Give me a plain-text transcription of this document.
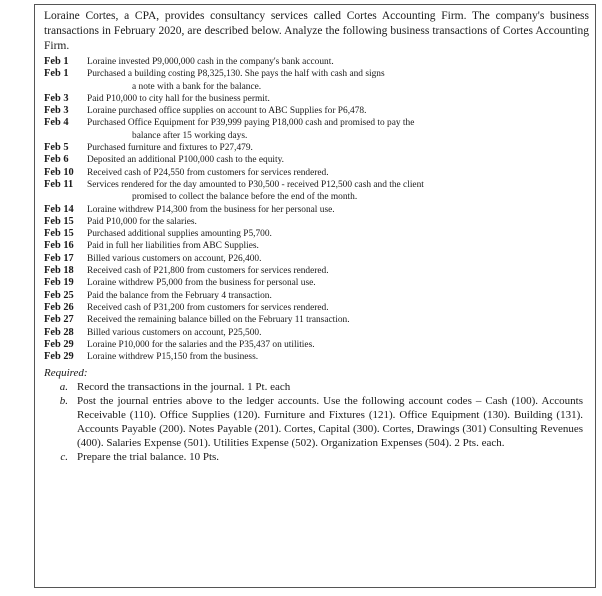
Loraine Cortes, a CPA, provides consultancy services called Cortes Accounting Firm. The company's business transactions in February 2020, are described below. Analyze the following business transactions of Cortes Accounting Firm.

Feb 1	Loraine invested P9,000,000 cash in the company's bank account.
Feb 1	Purchased a building costing P8,325,130. She pays the half with cash and signs
a note with a bank for the balance.
Feb 3	Paid P10,000 to city hall for the business permit.
Feb 3	Loraine purchased office supplies on account to ABC Supplies for P6,478.
Feb 4	Purchased Office Equipment for P39,999 paying P18,000 cash and promised to pay the
balance after 15 working days.
Feb 5	Purchased furniture and fixtures to P27,479.
Feb 6	Deposited an additional P100,000 cash to the equity.
Feb 10	Received cash of P24,550 from customers for services rendered.
Feb 11	Services rendered for the day amounted to P30,500 - received P12,500 cash and the client
promised to collect the balance before the end of the month.
Feb 14	Loraine withdrew P14,300 from the business for her personal use.
Feb 15	Paid P10,000 for the salaries.
Feb 15	Purchased additional supplies amounting P5,700.
Feb 16	Paid in full her liabilities from ABC Supplies.
Feb 17	Billed various customers on account, P26,400.
Feb 18	Received cash of P21,800 from customers for services rendered.
Feb 19	Loraine withdrew P5,000 from the business for personal use.
Feb 25	Paid the balance from the February 4 transaction.
Feb 26	Received cash of P31,200 from customers for services rendered.
Feb 27	Received the remaining balance billed on the February 11 transaction.
Feb 28	Billed various customers on account, P25,500.
Feb 29	Loraine P10,000 for the salaries and the P35,437 on utilities.
Feb 29	Loraine withdrew P15,150 from the business.
Required:
a. Record the transactions in the journal. 1 Pt. each
b. Post the journal entries above to the ledger accounts. Use the following account codes – Cash (100). Accounts Receivable (110). Office Supplies (120). Furniture and Fixtures (121). Office Equipment (130). Building (131). Accounts Payable (200). Notes Payable (201). Cortes, Capital (300). Cortes, Drawings (301) Consulting Revenues (400). Salaries Expense (501). Utilities Expense (502). Organization Expenses (504). 2 Pts. each.
c. Prepare the trial balance. 10 Pts.
